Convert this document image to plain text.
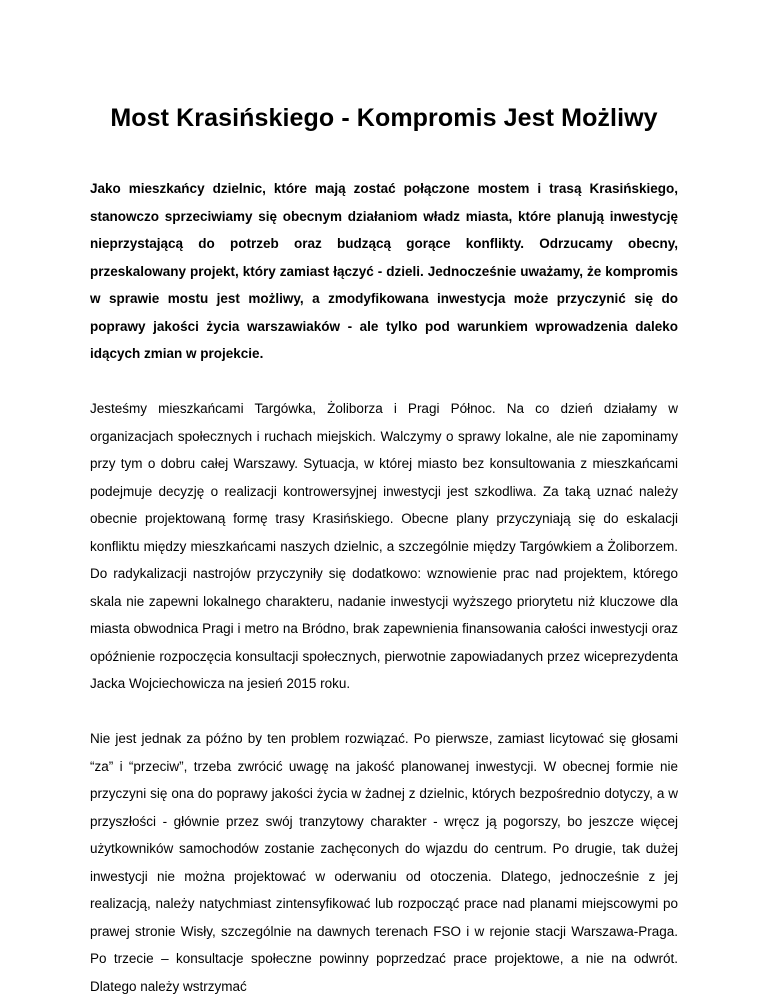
Most Krasińskiego - Kompromis Jest Możliwy

Jako mieszkańcy dzielnic, które mają zostać połączone mostem i trasą Krasińskiego, stanowczo sprzeciwiamy się obecnym działaniom władz miasta, które planują inwestycję nieprzystającą do potrzeb oraz budzącą gorące konflikty. Odrzucamy obecny, przeskalowany projekt, który zamiast łączyć - dzieli. Jednocześnie uważamy, że kompromis w sprawie mostu jest możliwy, a zmodyfikowana inwestycja może przyczynić się do poprawy jakości życia warszawiaków - ale tylko pod warunkiem wprowadzenia daleko idących zmian w projekcie.

Jesteśmy mieszkańcami Targówka, Żoliborza i Pragi Północ. Na co dzień działamy w organizacjach społecznych i ruchach miejskich. Walczymy o sprawy lokalne, ale nie zapominamy przy tym o dobru całej Warszawy. Sytuacja, w której miasto bez konsultowania z mieszkańcami podejmuje decyzję o realizacji kontrowersyjnej inwestycji jest szkodliwa. Za taką uznać należy obecnie projektowaną formę trasy Krasińskiego. Obecne plany przyczyniają się do eskalacji konfliktu między mieszkańcami naszych dzielnic, a szczególnie między Targówkiem a Żoliborzem. Do radykalizacji nastrojów przyczyniły się dodatkowo: wznowienie prac nad projektem, którego skala nie zapewni lokalnego charakteru, nadanie inwestycji wyższego priorytetu niż kluczowe dla miasta obwodnica Pragi i metro na Bródno, brak zapewnienia finansowania całości inwestycji oraz opóźnienie rozpoczęcia konsultacji społecznych, pierwotnie zapowiadanych przez wiceprezydenta Jacka Wojciechowicza na jesień 2015 roku.

Nie jest jednak za późno by ten problem rozwiązać. Po pierwsze, zamiast licytować się głosami “za” i “przeciw”, trzeba zwrócić uwagę na jakość planowanej inwestycji. W obecnej formie nie przyczyni się ona do poprawy jakości życia w żadnej z dzielnic, których bezpośrednio dotyczy, a w przyszłości - głównie przez swój tranzytowy charakter - wręcz ją pogorszy, bo jeszcze więcej użytkowników samochodów zostanie zachęconych do wjazdu do centrum. Po drugie, tak dużej inwestycji nie można projektować w oderwaniu od otoczenia. Dlatego, jednocześnie z jej realizacją, należy natychmiast zintensyfikować lub rozpocząć prace nad planami miejscowymi po prawej stronie Wisły, szczególnie na dawnych terenach FSO i w rejonie stacji Warszawa-Praga. Po trzecie – konsultacje społeczne powinny poprzedzać prace projektowe, a nie na odwrót. Dlatego należy wstrzymać
